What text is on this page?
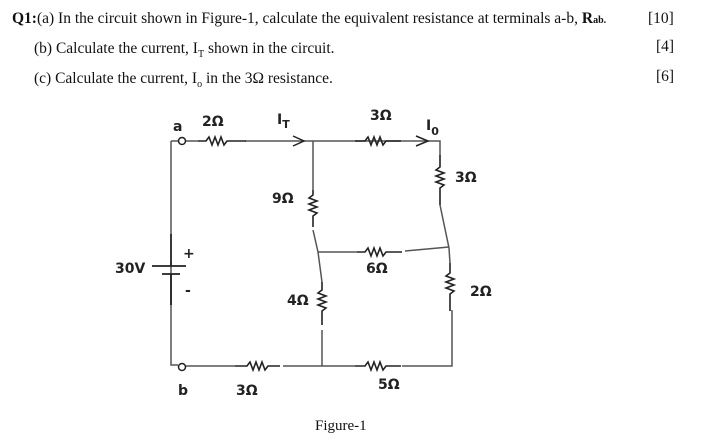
Q1:(a) In the circuit shown in Figure-1, calculate the equivalent resistance at terminals a-b, Rab.	[10]
(b) Calculate the current, $I_T$ shown in the circuit.	[4]
(c) Calculate the current, $I_o$ in the 3Ω resistance.	[6]
a
b
30V
+
-
$I_T$	$I_0$
2Ω	3Ω
3Ω
9Ω
6Ω
4Ω
2Ω
3Ω	5Ω
Figure-1
